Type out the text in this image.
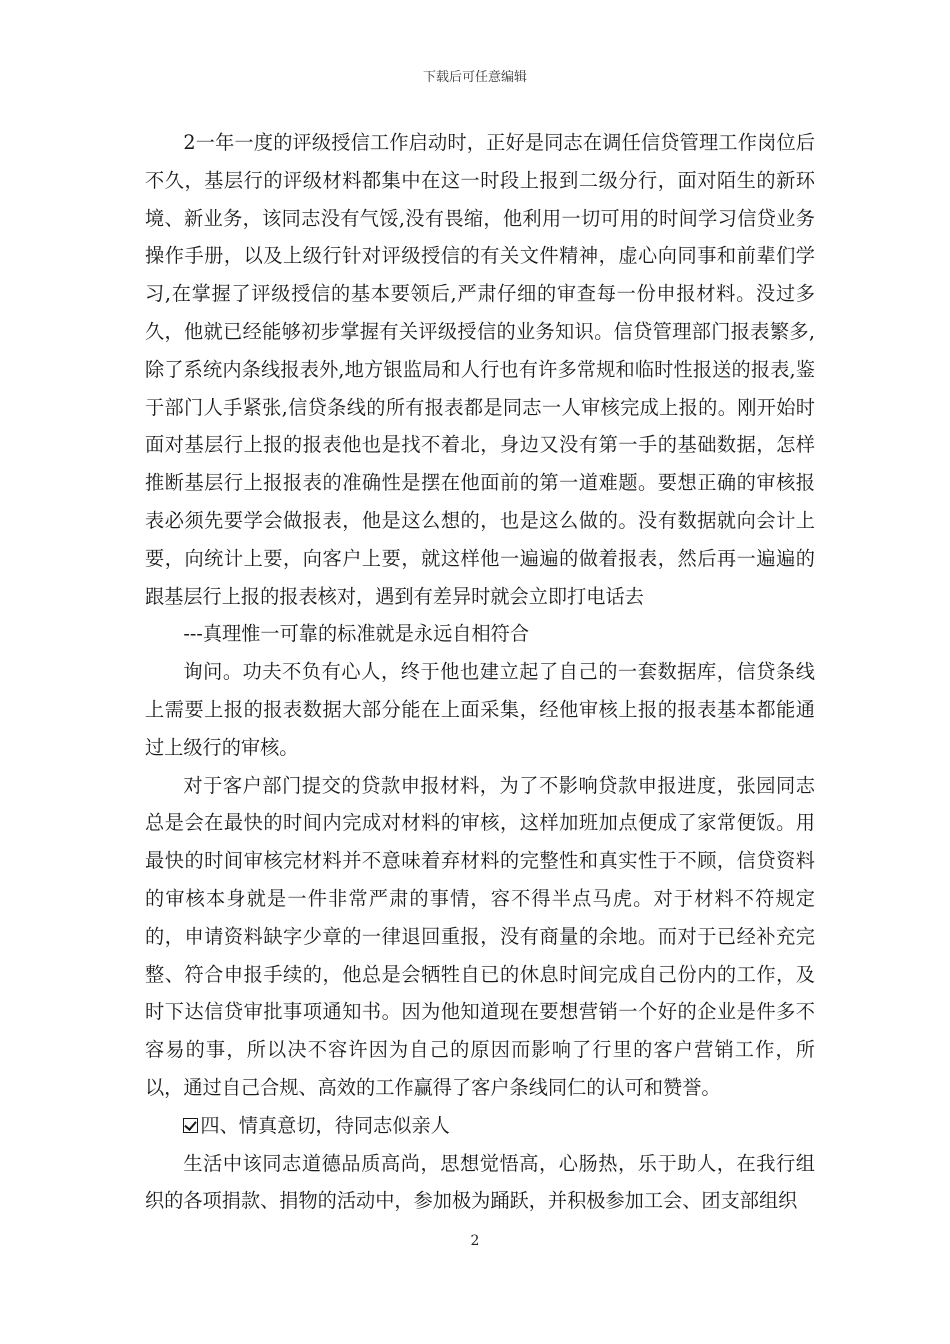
下载后可任意编辑

2一年一度的评级授信工作启动时，正好是同志在调任信贷管理工作岗位后不久，基层行的评级材料都集中在这一时段上报到二级分行，面对陌生的新环境、新业务，该同志没有气馁,没有畏缩，他利用一切可用的时间学习信贷业务操作手册，以及上级行针对评级授信的有关文件精神，虚心向同事和前辈们学习,在掌握了评级授信的基本要领后,严肃仔细的审查每一份申报材料。没过多久，他就已经能够初步掌握有关评级授信的业务知识。信贷管理部门报表繁多,除了系统内条线报表外,地方银监局和人行也有许多常规和临时性报送的报表,鉴于部门人手紧张,信贷条线的所有报表都是同志一人审核完成上报的。刚开始时面对基层行上报的报表他也是找不着北，身边又没有第一手的基础数据，怎样推断基层行上报报表的准确性是摆在他面前的第一道难题。要想正确的审核报表必须先要学会做报表，他是这么想的，也是这么做的。没有数据就向会计上要，向统计上要，向客户上要，就这样他一遍遍的做着报表，然后再一遍遍的跟基层行上报的报表核对，遇到有差异时就会立即打电话去

---真理惟一可靠的标准就是永远自相符合

询问。功夫不负有心人，终于他也建立起了自己的一套数据库，信贷条线上需要上报的报表数据大部分能在上面采集，经他审核上报的报表基本都能通过上级行的审核。

对于客户部门提交的贷款申报材料，为了不影响贷款申报进度，张园同志总是会在最快的时间内完成对材料的审核，这样加班加点便成了家常便饭。用最快的时间审核完材料并不意味着弃材料的完整性和真实性于不顾，信贷资料的审核本身就是一件非常严肃的事情，容不得半点马虎。对于材料不符规定的，申请资料缺字少章的一律退回重报，没有商量的余地。而对于已经补充完整、符合申报手续的，他总是会牺牲自已的休息时间完成自己份内的工作，及时下达信贷审批事项通知书。因为他知道现在要想营销一个好的企业是件多不容易的事，所以决不容许因为自己的原因而影响了行里的客户营销工作，所以，通过自己合规、高效的工作赢得了客户条线同仁的认可和赞誉。

四、情真意切，待同志似亲人

生活中该同志道德品质高尚，思想觉悟高，心肠热，乐于助人，在我行组织的各项捐款、捐物的活动中，参加极为踊跃，并积极参加工会、团支部组织

2
